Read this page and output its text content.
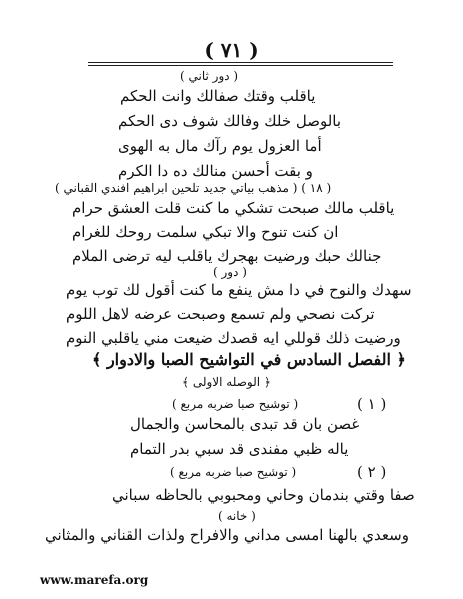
( ٧١ )
( دور ثاني )
ياقلب وقتك صفالك وانت الحكم
بالوصل خلك وفالك شوف دى الحكم
أما العزول يوم رآك مال به الهوى
و بقت أحسن منالك ده دا الكرم
( ١٨ ) ( مذهب بياتي جديد تلحين ابراهيم افندي القباني )
ياقلب مالك صبحت تشكي ما كنت قلت العشق حرام
ان كنت تنوح والا تبكي سلمت روحك للغرام
جنالك حبك ورضيت بهجرك ياقلب ليه ترضى الملام
( دور )
سهدك والنوح في دا مش ينفع ما كنت أقول لك توب يوم
تركت نصحي ولم تسمع وصبحت عرضه لاهل اللوم
ورضيت ذلك قوللي ايه قصدك ضيعت مني ياقلبي النوم
﴿ الفصل السادس في التواشيح الصبا والادوار ﴾
﴿ الوصله الاولى ﴾
( توشيح صبا ضربه مربع )	( ١ )
غصن بان قد تبدى بالمحاسن والجمال
ياله ظبي مفندى قد سبي بدر التمام
( توشيح صبا ضربه مربع )	( ٢ )
صفا وقتي بندمان وحاني ومحبوبي بالحاظه سباني
( خانه )
وسعدي بالهنا امسى مداني والافراح ولذات القناني والمثاني
www.marefa.org
